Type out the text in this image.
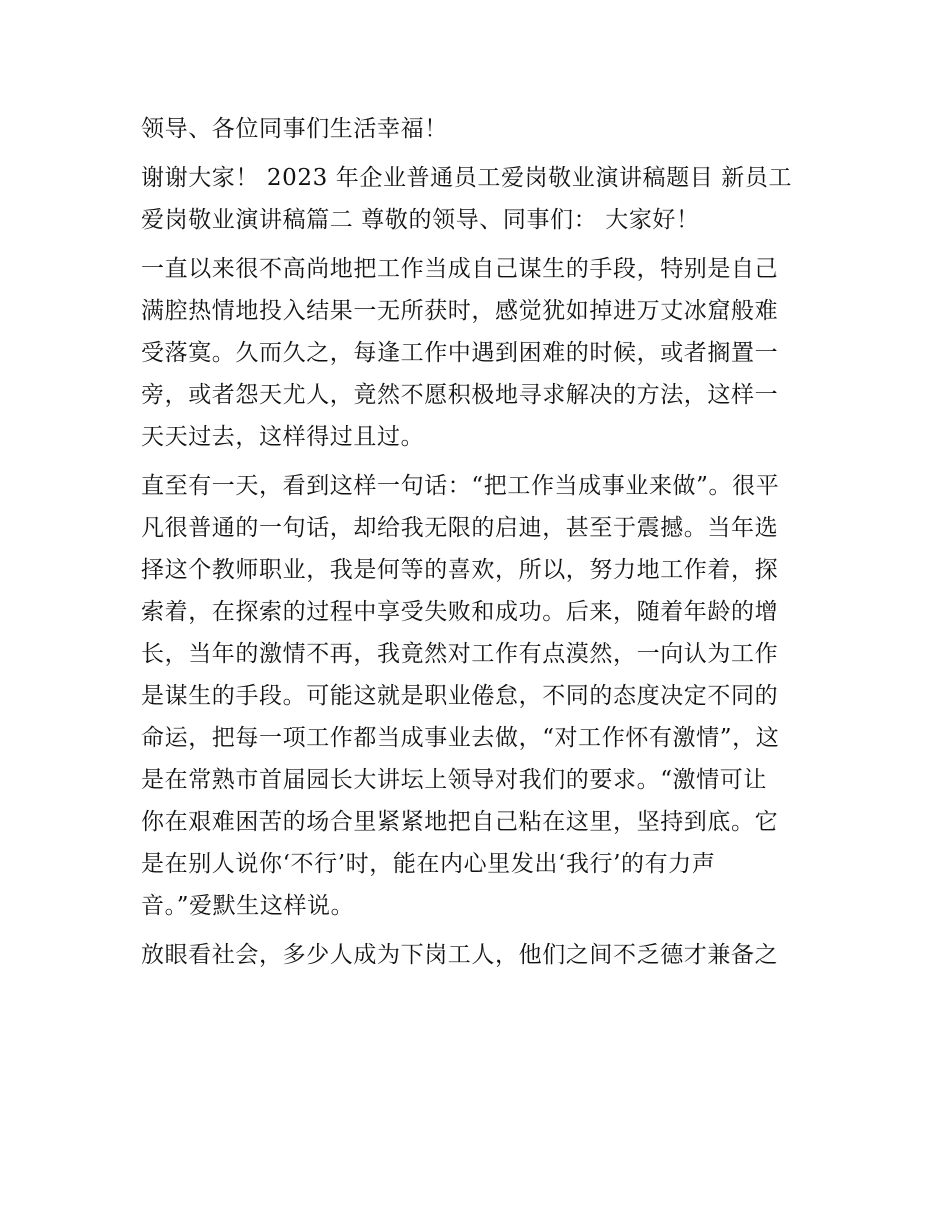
领导、各位同事们生活幸福！

谢谢大家！ 2023 年企业普通员工爱岗敬业演讲稿题目 新员工

爱岗敬业演讲稿篇二 尊敬的领导、同事们： 大家好！

一直以来很不高尚地把工作当成自己谋生的手段，特别是自己

满腔热情地投入结果一无所获时，感觉犹如掉进万丈冰窟般难

受落寞。久而久之，每逢工作中遇到困难的时候，或者搁置一

旁，或者怨天尤人，竟然不愿积极地寻求解决的方法，这样一

天天过去，这样得过且过。

直至有一天，看到这样一句话：“把工作当成事业来做”。很平

凡很普通的一句话，却给我无限的启迪，甚至于震撼。当年选

择这个教师职业，我是何等的喜欢，所以，努力地工作着，探

索着，在探索的过程中享受失败和成功。后来，随着年龄的增

长，当年的激情不再，我竟然对工作有点漠然，一向认为工作

是谋生的手段。可能这就是职业倦怠，不同的态度决定不同的

命运，把每一项工作都当成事业去做，“对工作怀有激情”，这

是在常熟市首届园长大讲坛上领导对我们的要求。“激情可让

你在艰难困苦的场合里紧紧地把自己粘在这里，坚持到底。它

是在别人说你‘不行’时，能在内心里发出‘我行’的有力声

音。”爱默生这样说。

放眼看社会，多少人成为下岗工人，他们之间不乏德才兼备之
